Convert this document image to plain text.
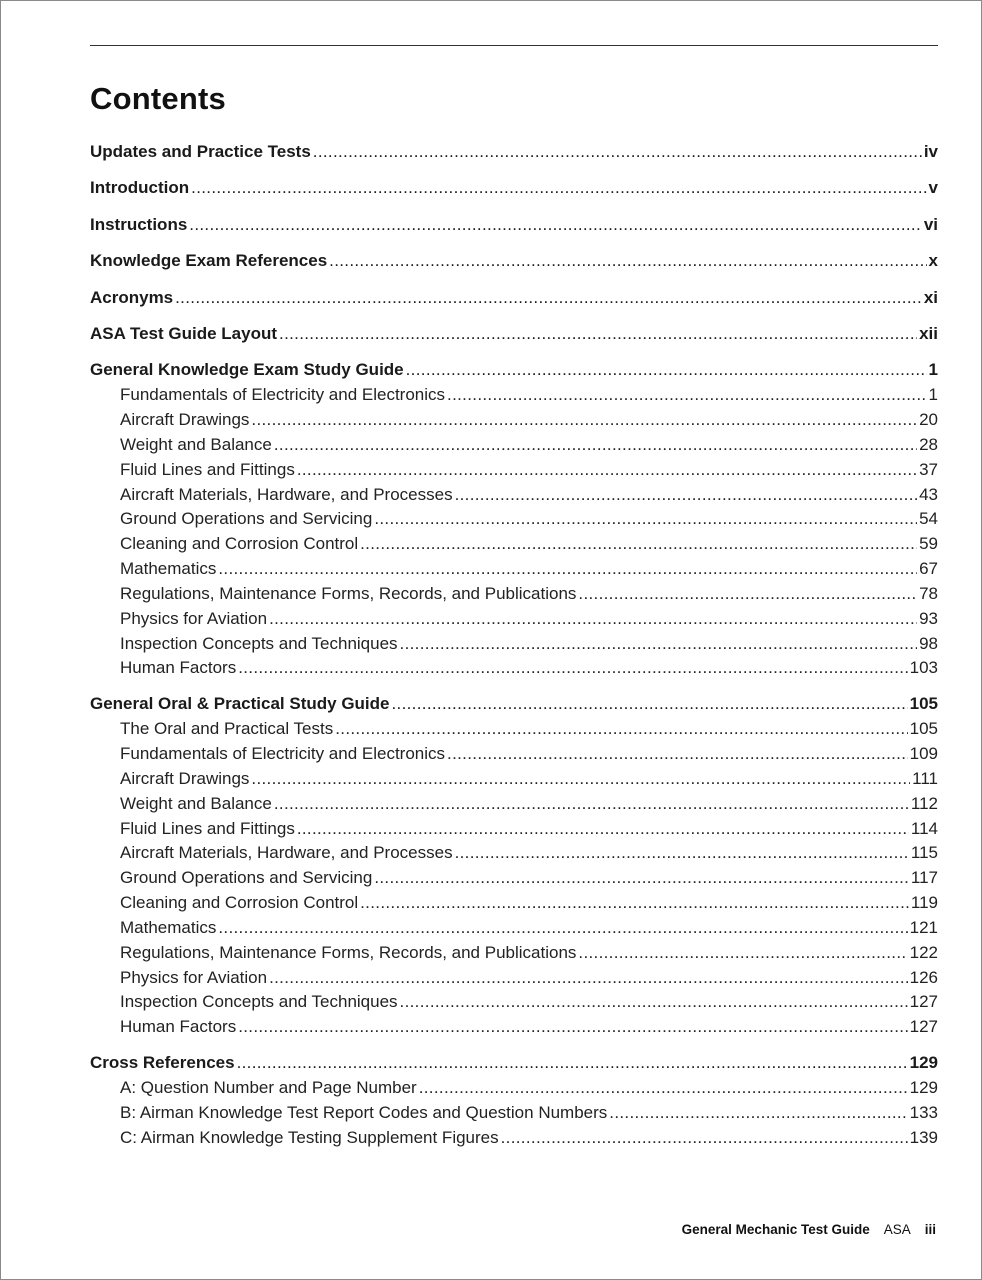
Contents
Updates and Practice Tests . . .	iv
Introduction . . .	v
Instructions . . .	vi
Knowledge Exam References . . .	x
Acronyms . . .	xi
ASA Test Guide Layout . . .	xii
General Knowledge Exam Study Guide . . .	1
Fundamentals of Electricity and Electronics . . .	1
Aircraft Drawings . . .	20
Weight and Balance . . .	28
Fluid Lines and Fittings . . .	37
Aircraft Materials, Hardware, and Processes . . .	43
Ground Operations and Servicing . . .	54
Cleaning and Corrosion Control . . .	59
Mathematics . . .	67
Regulations, Maintenance Forms, Records, and Publications . . .	78
Physics for Aviation . . .	93
Inspection Concepts and Techniques . . .	98
Human Factors . . .	103
General Oral & Practical Study Guide . . .	105
The Oral and Practical Tests . . .	105
Fundamentals of Electricity and Electronics . . .	109
Aircraft Drawings . . .	111
Weight and Balance . . .	112
Fluid Lines and Fittings . . .	114
Aircraft Materials, Hardware, and Processes . . .	115
Ground Operations and Servicing . . .	117
Cleaning and Corrosion Control . . .	119
Mathematics . . .	121
Regulations, Maintenance Forms, Records, and Publications . . .	122
Physics for Aviation . . .	126
Inspection Concepts and Techniques . . .	127
Human Factors . . .	127
Cross References . . .	129
A: Question Number and Page Number . . .	129
B: Airman Knowledge Test Report Codes and Question Numbers . . .	133
C: Airman Knowledge Testing Supplement Figures . . .	139
General Mechanic Test Guide ASA iii
